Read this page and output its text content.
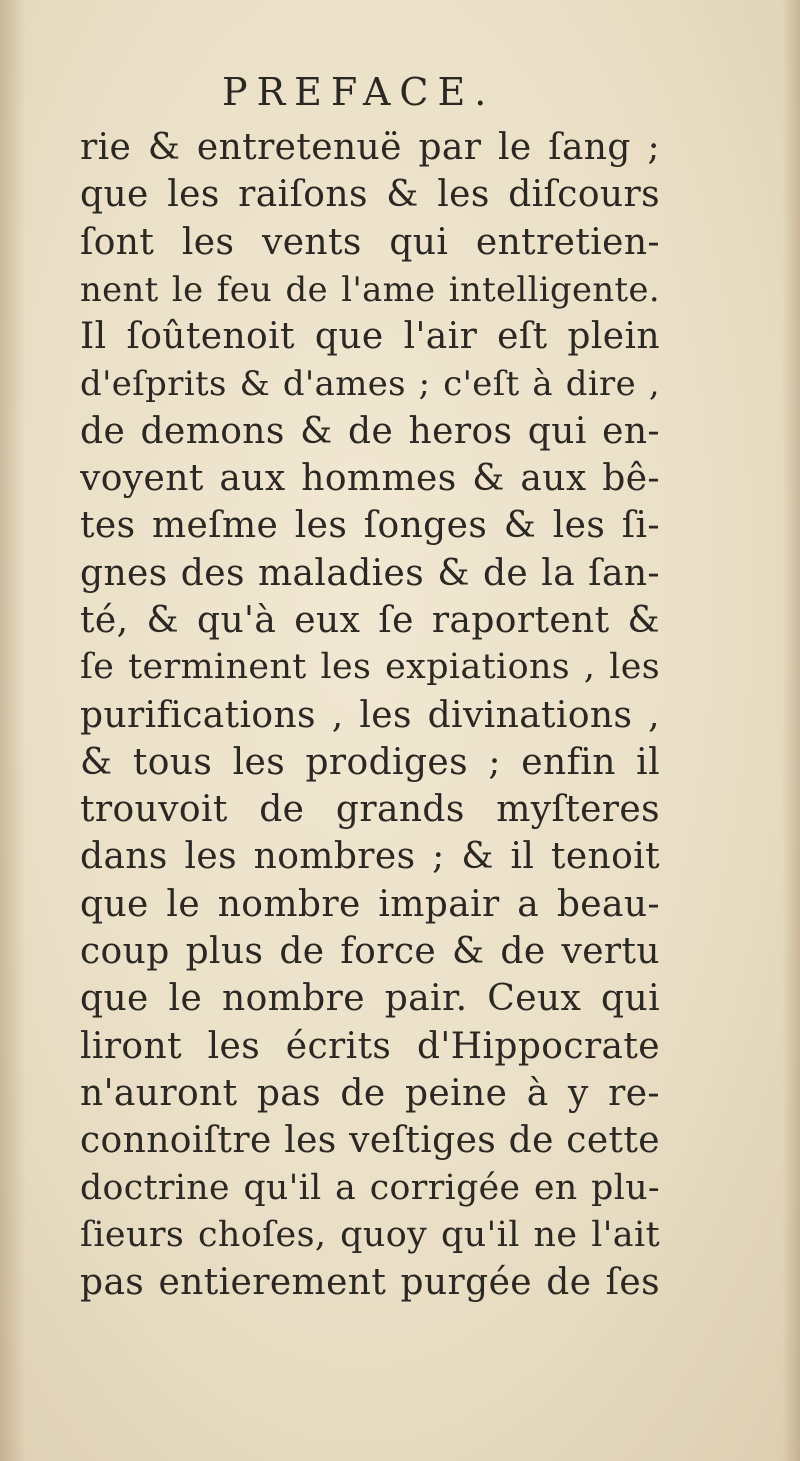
PREFACE.
rie & entretenuë par le ſang ;
que les raiſons & les diſcours
ſont les vents qui entretien-
nent le feu de l'ame intelligente.
Il ſoûtenoit que l'air eſt plein
d'eſprits & d'ames ; c'eſt à dire ,
de demons & de heros qui en-
voyent aux hommes & aux bê-
tes meſme les ſonges & les ſi-
gnes des maladies & de la ſan-
té, & qu'à eux ſe raportent &
ſe terminent les expiations , les
purifications , les divinations ,
& tous les prodiges ; enfin il
trouvoit de grands myſteres
dans les nombres ; & il tenoit
que le nombre impair a beau-
coup plus de force & de vertu
que le nombre pair. Ceux qui
liront les écrits d'Hippocrate
n'auront pas de peine à y re-
connoiſtre les veſtiges de cette
doctrine qu'il a corrigée en plu-
ſieurs choſes, quoy qu'il ne l'ait
pas entierement purgée de ſes
